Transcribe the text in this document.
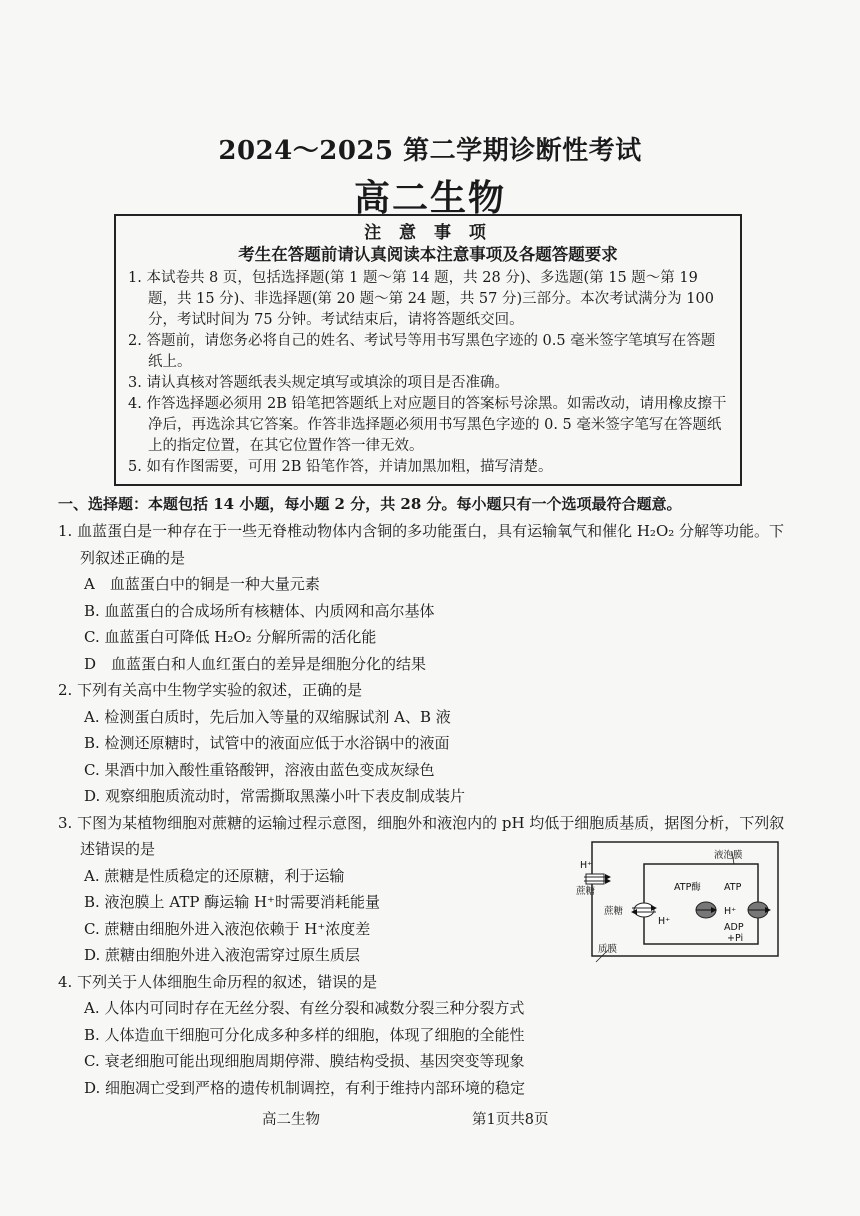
2024～2025 第二学期诊断性考试
高二生物
注 意 事 项
考生在答题前请认真阅读本注意事项及各题答题要求
1. 本试卷共 8 页，包括选择题(第 1 题～第 14 题，共 28 分)、多选题(第 15 题～第 19 题，共 15 分)、非选择题(第 20 题～第 24 题，共 57 分)三部分。本次考试满分为 100 分，考试时间为 75 分钟。考试结束后，请将答题纸交回。
2. 答题前，请您务必将自己的姓名、考试号等用书写黑色字迹的 0.5 毫米签字笔填写在答题纸上。
3. 请认真核对答题纸表头规定填写或填涂的项目是否准确。
4. 作答选择题必须用 2B 铅笔把答题纸上对应题目的答案标号涂黑。如需改动，请用橡皮擦干净后，再选涂其它答案。作答非选择题必须用书写黑色字迹的 0. 5 毫米签字笔写在答题纸上的指定位置，在其它位置作答一律无效。
5. 如有作图需要，可用 2B 铅笔作答，并请加黑加粗，描写清楚。
一、选择题：本题包括 14 小题，每小题 2 分，共 28 分。每小题只有一个选项最符合题意。
1. 血蓝蛋白是一种存在于一些无脊椎动物体内含铜的多功能蛋白，具有运输氧气和催化 H₂O₂ 分解等功能。下列叙述正确的是
A　血蓝蛋白中的铜是一种大量元素
B. 血蓝蛋白的合成场所有核糖体、内质网和高尔基体
C. 血蓝蛋白可降低 H₂O₂ 分解所需的活化能
D　血蓝蛋白和人血红蛋白的差异是细胞分化的结果
2. 下列有关高中生物学实验的叙述，正确的是
A. 检测蛋白质时，先后加入等量的双缩脲试剂 A、B 液
B. 检测还原糖时，试管中的液面应低于水浴锅中的液面
C. 果酒中加入酸性重铬酸钾，溶液由蓝色变成灰绿色
D. 观察细胞质流动时，常需撕取黑藻小叶下表皮制成装片
3. 下图为某植物细胞对蔗糖的运输过程示意图，细胞外和液泡内的 pH 均低于细胞质基质，据图分析，下列叙述错误的是
A. 蔗糖是性质稳定的还原糖，利于运输
B. 液泡膜上 ATP 酶运输 H⁺时需要消耗能量
C. 蔗糖由细胞外进入液泡依赖于 H⁺浓度差
D. 蔗糖由细胞外进入液泡需穿过原生质层
4. 下列关于人体细胞生命历程的叙述，错误的是
A. 人体内可同时存在无丝分裂、有丝分裂和减数分裂三种分裂方式
B. 人体造血干细胞可分化成多种多样的细胞，体现了细胞的全能性
C. 衰老细胞可能出现细胞周期停滞、膜结构受损、基因突变等现象
D. 细胞凋亡受到严格的遗传机制调控，有利于维持内部环境的稳定
液泡膜
H⁺
蔗糖
蔗糖
H⁺
ATP酶 ATP
H⁺
ADP
+Pi
质膜
高二生物	第1页共8页
